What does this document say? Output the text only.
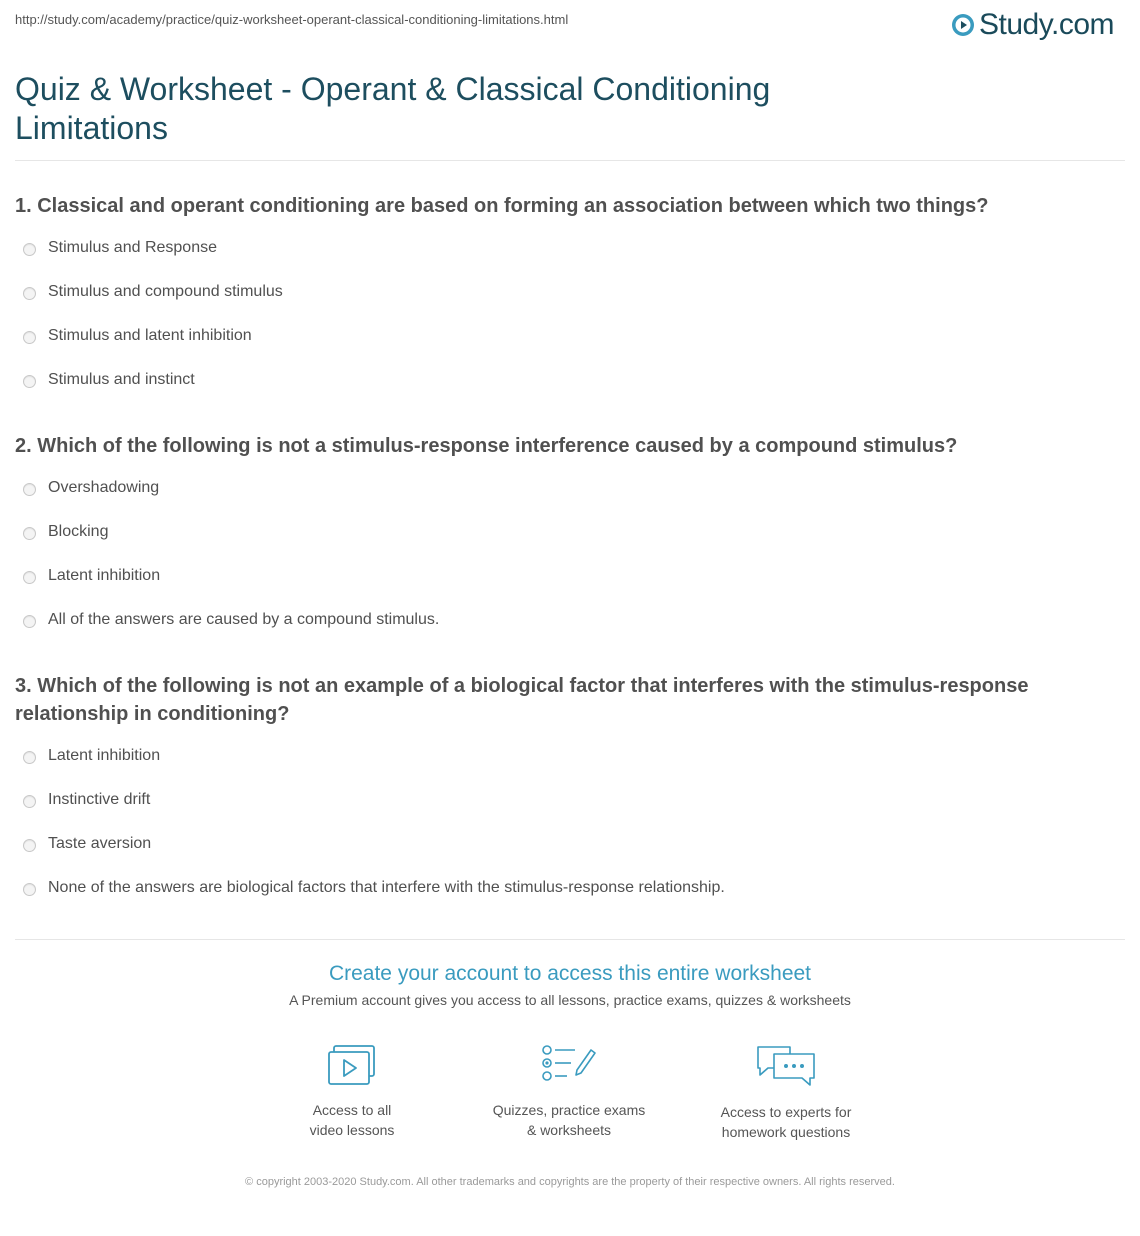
http://study.com/academy/practice/quiz-worksheet-operant-classical-conditioning-limitations.html	Study.com
Quiz & Worksheet - Operant & Classical Conditioning Limitations

1. Classical and operant conditioning are based on forming an association between which two things?

Stimulus and Response
Stimulus and compound stimulus
Stimulus and latent inhibition
Stimulus and instinct

2. Which of the following is not a stimulus-response interference caused by a compound stimulus?

Overshadowing
Blocking
Latent inhibition
All of the answers are caused by a compound stimulus.

3. Which of the following is not an example of a biological factor that interferes with the stimulus-response relationship in conditioning?

Latent inhibition
Instinctive drift
Taste aversion
None of the answers are biological factors that interfere with the stimulus-response relationship.
Create your account to access this entire worksheet
A Premium account gives you access to all lessons, practice exams, quizzes & worksheets
Access to all
video lessons
Quizzes, practice exams
& worksheets
Access to experts for
homework questions
© copyright 2003-2020 Study.com. All other trademarks and copyrights are the property of their respective owners. All rights reserved.
